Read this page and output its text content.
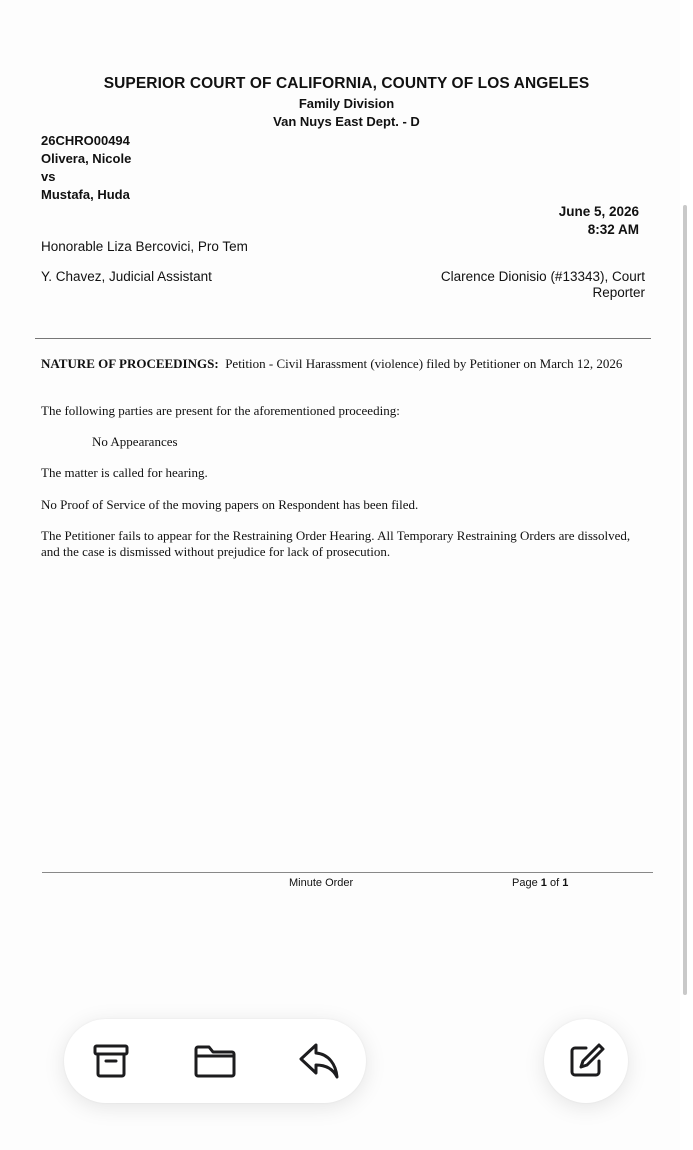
SUPERIOR COURT OF CALIFORNIA, COUNTY OF LOS ANGELES
Family Division
Van Nuys East Dept. - D
26CHRO00494
Olivera, Nicole
vs
Mustafa, Huda
June 5, 2026
8:32 AM
Honorable Liza Bercovici, Pro Tem
Y. Chavez, Judicial Assistant	Clarence Dionisio (#13343), Court Reporter
NATURE OF PROCEEDINGS: Petition - Civil Harassment (violence) filed by Petitioner on March 12, 2026
The following parties are present for the aforementioned proceeding:
No Appearances
The matter is called for hearing.
No Proof of Service of the moving papers on Respondent has been filed.
The Petitioner fails to appear for the Restraining Order Hearing. All Temporary Restraining Orders are dissolved, and the case is dismissed without prejudice for lack of prosecution.
Minute Order	Page 1 of 1
